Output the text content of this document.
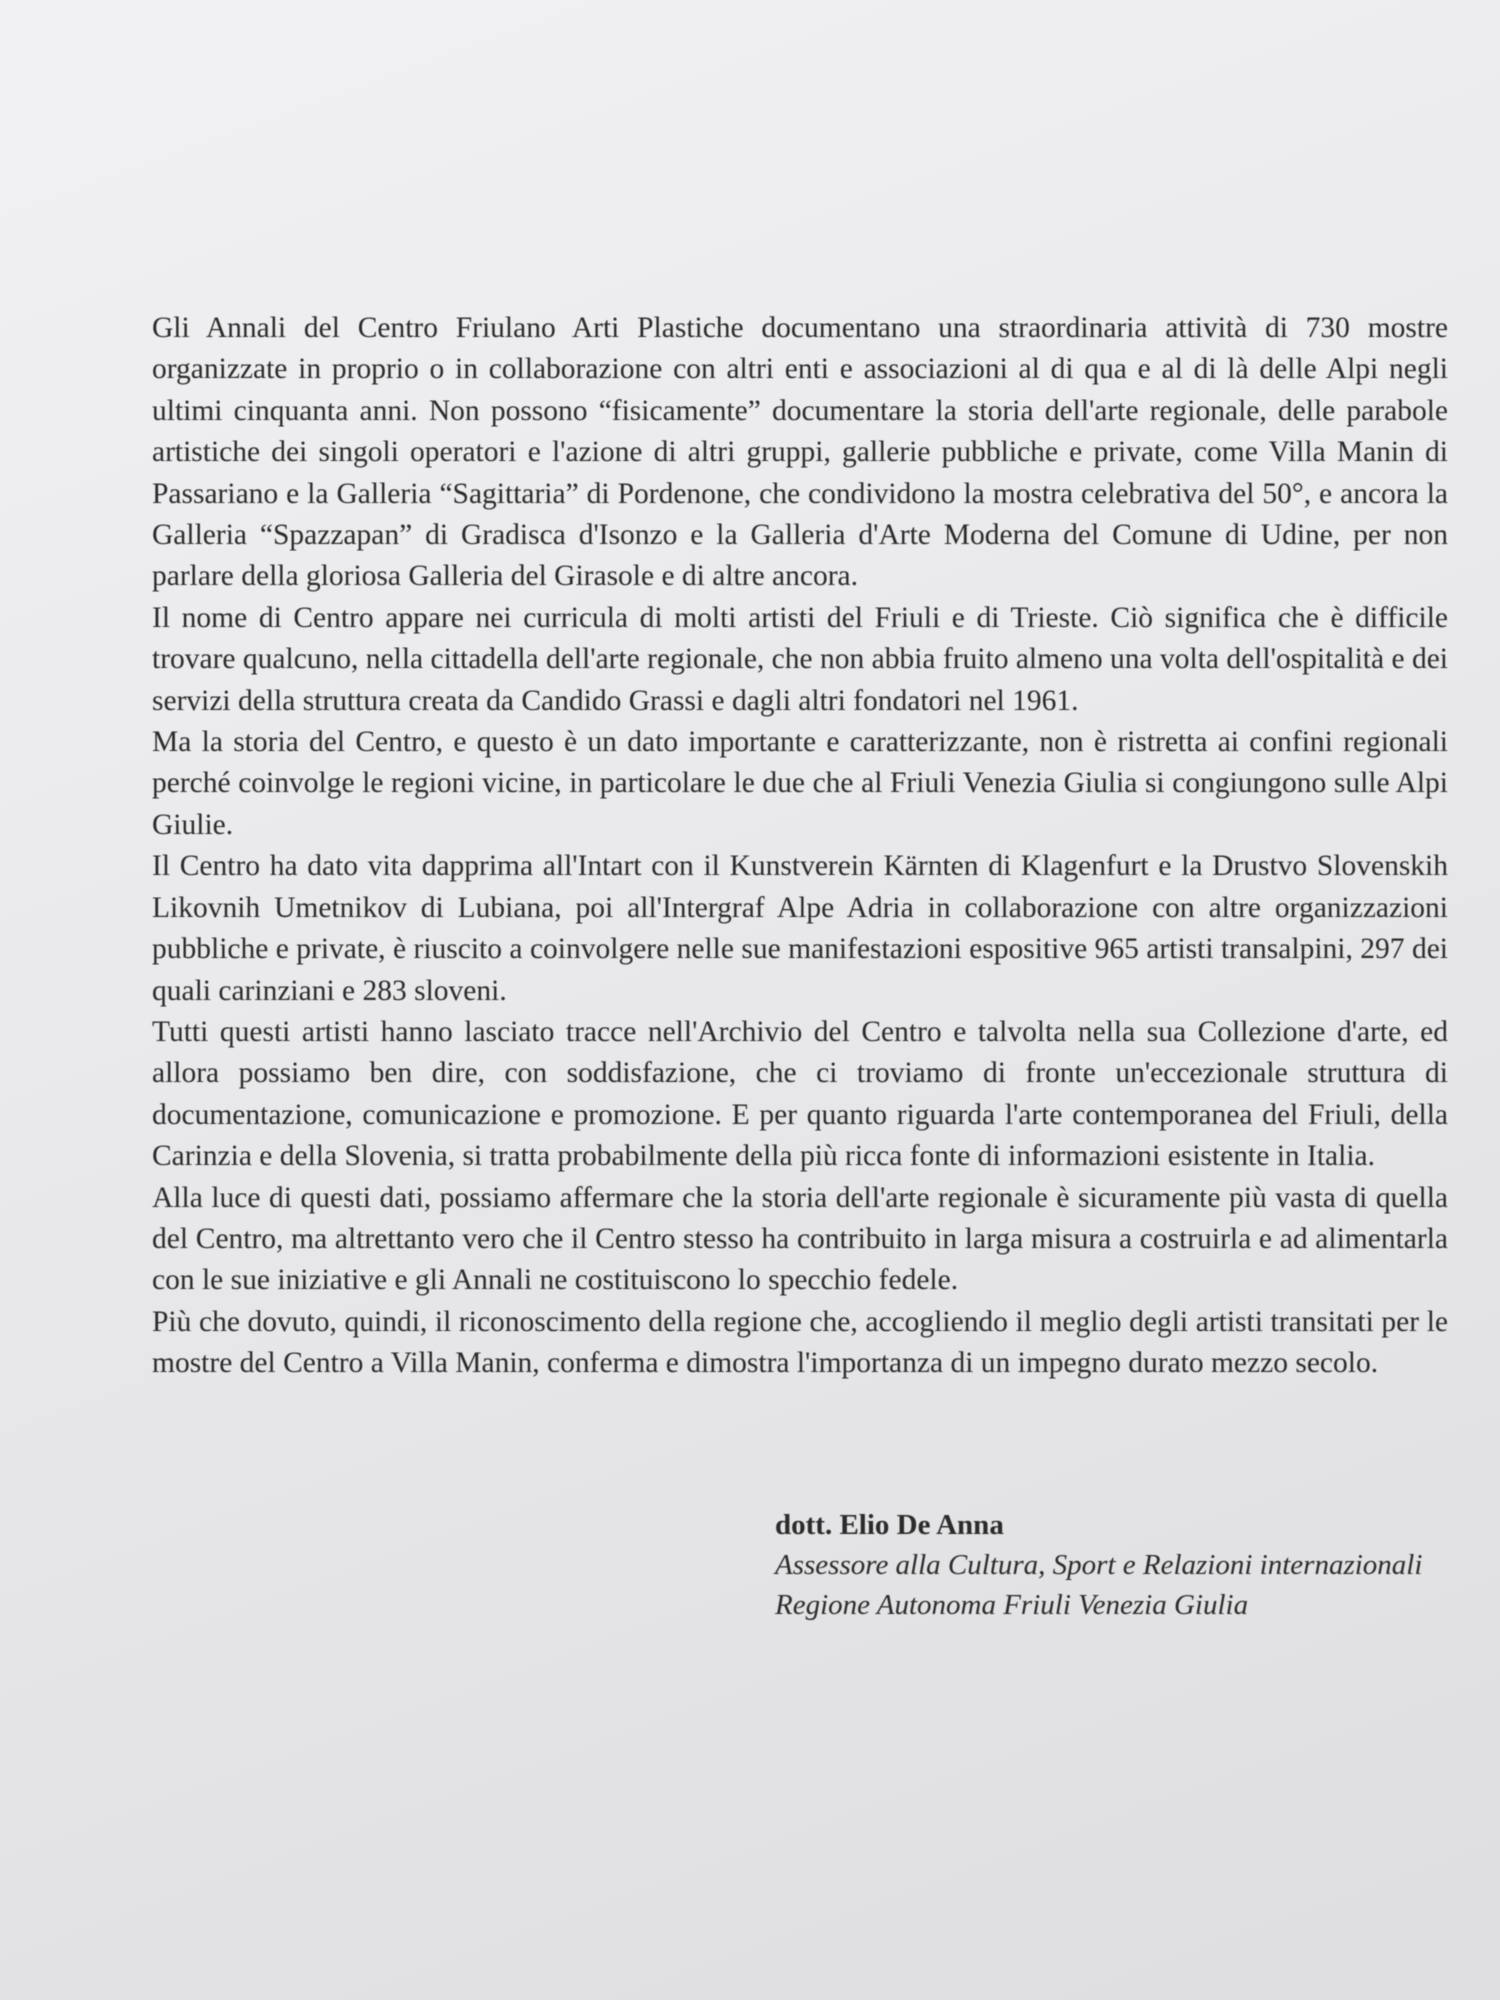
Gli Annali del Centro Friulano Arti Plastiche documentano una straordinaria attività di 730 mostre organizzate in proprio o in collaborazione con altri enti e associazioni al di qua e al di là delle Alpi negli ultimi cinquanta anni. Non possono “fisicamente” documentare la storia dell'arte regionale, delle parabole artistiche dei singoli operatori e l'azione di altri gruppi, gallerie pubbliche e private, come Villa Manin di Passariano e la Galleria “Sagittaria” di Pordenone, che condividono la mostra celebrativa del 50°, e ancora la Galleria “Spazzapan” di Gradisca d'Isonzo e la Galleria d'Arte Moderna del Comune di Udine, per non parlare della gloriosa Galleria del Girasole e di altre ancora.

Il nome di Centro appare nei curricula di molti artisti del Friuli e di Trieste. Ciò significa che è difficile trovare qualcuno, nella cittadella dell'arte regionale, che non abbia fruito almeno una volta dell'ospitalità e dei servizi della struttura creata da Candido Grassi e dagli altri fondatori nel 1961.

Ma la storia del Centro, e questo è un dato importante e caratterizzante, non è ristretta ai confini regionali perché coinvolge le regioni vicine, in particolare le due che al Friuli Venezia Giulia si congiungono sulle Alpi Giulie.

Il Centro ha dato vita dapprima all'Intart con il Kunstverein Kärnten di Klagenfurt e la Drustvo Slovenskih Likovnih Umetnikov di Lubiana, poi all'Intergraf Alpe Adria in collaborazione con altre organizzazioni pubbliche e private, è riuscito a coinvolgere nelle sue manifestazioni espositive 965 artisti transalpini, 297 dei quali carinziani e 283 sloveni.

Tutti questi artisti hanno lasciato tracce nell'Archivio del Centro e talvolta nella sua Collezione d'arte, ed allora possiamo ben dire, con soddisfazione, che ci troviamo di fronte un'eccezionale struttura di documentazione, comunicazione e promozione. E per quanto riguarda l'arte contemporanea del Friuli, della Carinzia e della Slovenia, si tratta probabilmente della più ricca fonte di informazioni esistente in Italia.

Alla luce di questi dati, possiamo affermare che la storia dell'arte regionale è sicuramente più vasta di quella del Centro, ma altrettanto vero che il Centro stesso ha contribuito in larga misura a costruirla e ad alimentarla con le sue iniziative e gli Annali ne costituiscono lo specchio fedele.

Più che dovuto, quindi, il riconoscimento della regione che, accogliendo il meglio degli artisti transitati per le mostre del Centro a Villa Manin, conferma e dimostra l'importanza di un impegno durato mezzo secolo.

dott. Elio De Anna
Assessore alla Cultura, Sport e Relazioni internazionali
Regione Autonoma Friuli Venezia Giulia
